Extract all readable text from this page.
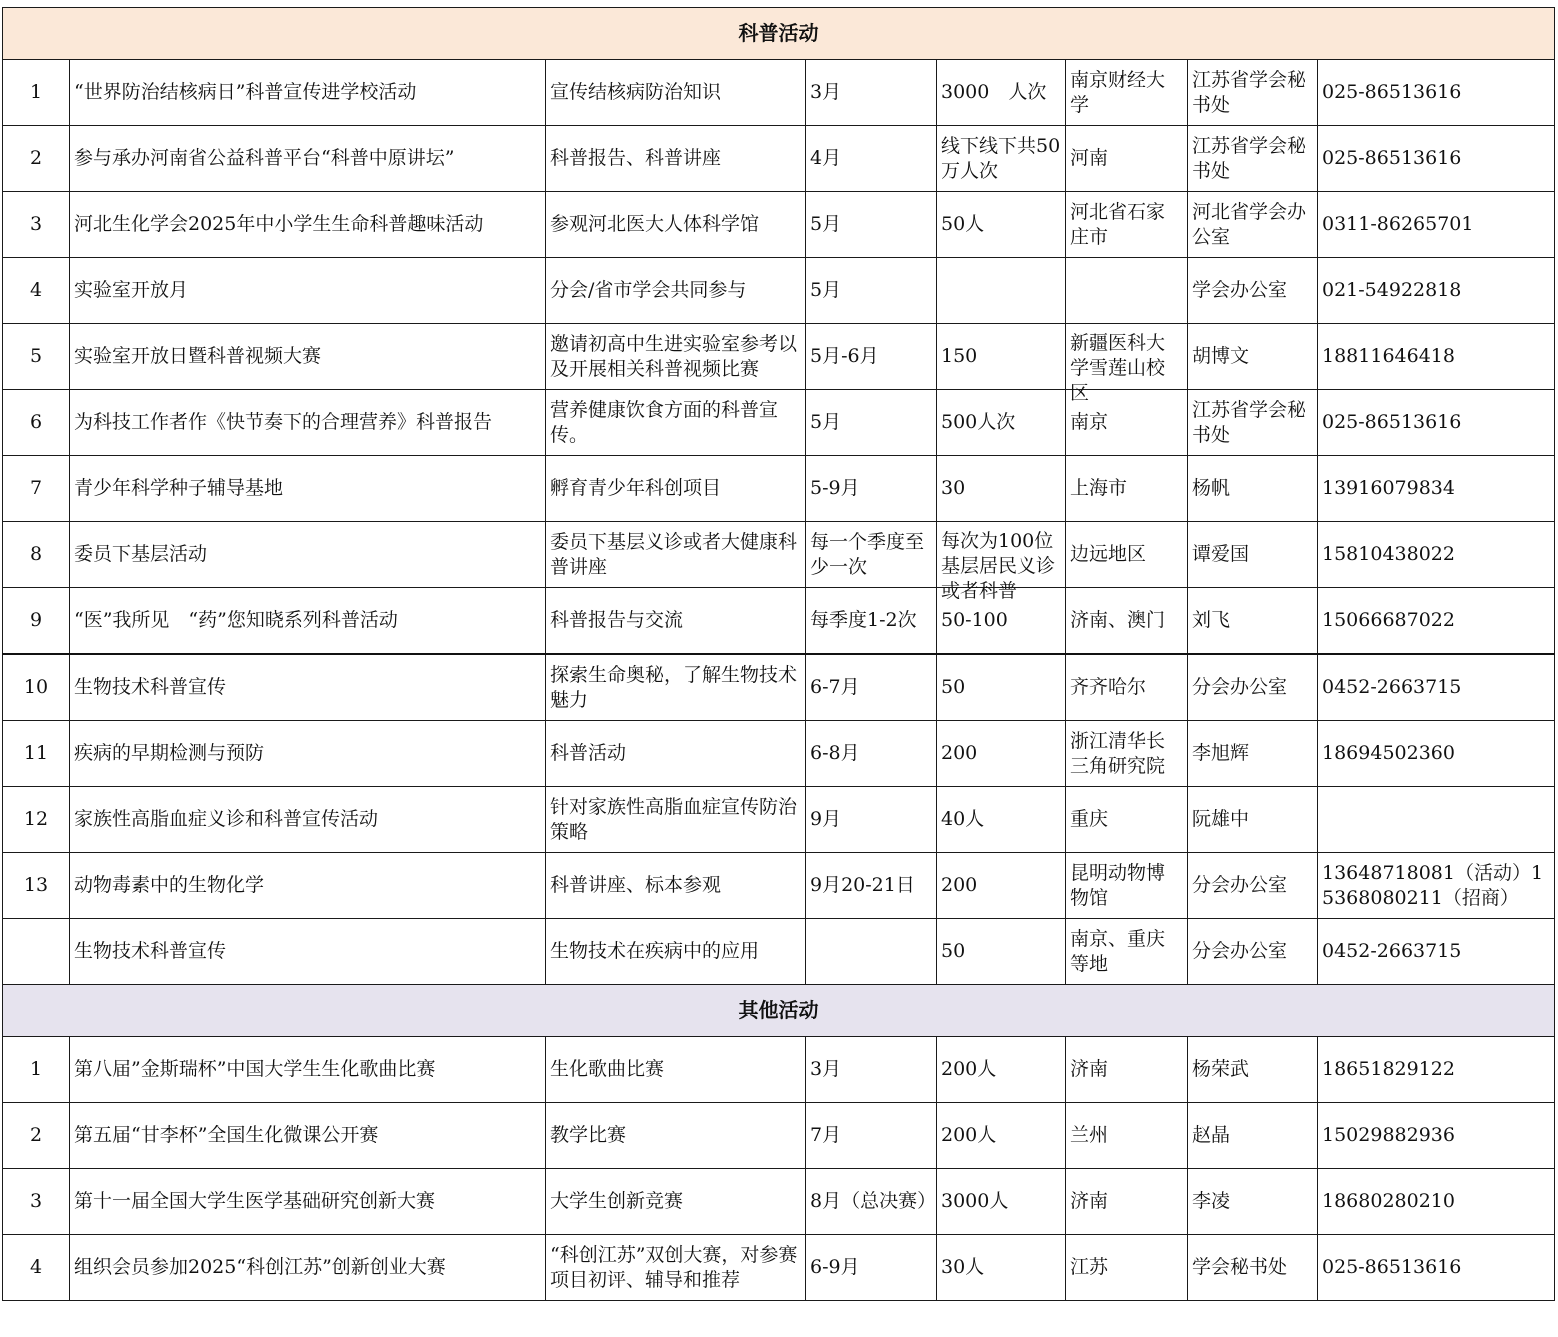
科普活动							

1	“世界防治结核病日”科普宣传进学校活动	宣传结核病防治知识	3月	3000　人次	南京财经大学	江苏省学会秘书处	025-86513616

2	参与承办河南省公益科普平台“科普中原讲坛”	科普报告、科普讲座	4月	线下线下共50万人次	河南	江苏省学会秘书处	025-86513616

3	河北生化学会2025年中小学生生命科普趣味活动	参观河北医大人体科学馆	5月	50人	河北省石家庄市	河北省学会办公室	0311-86265701

4	实验室开放月	分会/省市学会共同参与	5月			学会办公室	021-54922818

5	实验室开放日暨科普视频大赛	邀请初高中生进实验室参考以及开展相关科普视频比赛	5月-6月	150	新疆医科大学雪莲山校区	胡博文	18811646418

6	为科技工作者作《快节奏下的合理营养》科普报告	营养健康饮食方面的科普宣传。	5月	500人次	南京	江苏省学会秘书处	025-86513616

7	青少年科学种子辅导基地	孵育青少年科创项目	5-9月	30	上海市	杨帆	13916079834

8	委员下基层活动	委员下基层义诊或者大健康科普讲座	每一个季度至少一次	每次为100位基层居民义诊或者科普	边远地区	谭爱国	15810438022

9	“医”我所见　“药”您知晓系列科普活动	科普报告与交流	每季度1-2次	50-100	济南、澳门	刘飞	15066687022

10	生物技术科普宣传	探索生命奥秘，了解生物技术魅力	6-7月	50	齐齐哈尔	分会办公室	0452-2663715

11	疾病的早期检测与预防	科普活动	6-8月	200	浙江清华长三角研究院	李旭辉	18694502360

12	家族性高脂血症义诊和科普宣传活动	针对家族性高脂血症宣传防治策略	9月	40人	重庆	阮雄中	

13	动物毒素中的生物化学	科普讲座、标本参观	9月20-21日	200	昆明动物博物馆	分会办公室	13648718081（活动）15368080211（招商）

	生物技术科普宣传	生物技术在疾病中的应用		50	南京、重庆等地	分会办公室	0452-2663715

其他活动							

1	第八届”金斯瑞杯”中国大学生生化歌曲比赛	生化歌曲比赛	3月	200人	济南	杨荣武	18651829122

2	第五届“甘李杯”全国生化微课公开赛	教学比赛	7月	200人	兰州	赵晶	15029882936

3	第十一届全国大学生医学基础研究创新大赛	大学生创新竞赛	8月（总决赛）	3000人	济南	李凌	18680280210

4	组织会员参加2025“科创江苏”创新创业大赛	“科创江苏”双创大赛，对参赛项目初评、辅导和推荐	6-9月	30人	江苏	学会秘书处	025-86513616
